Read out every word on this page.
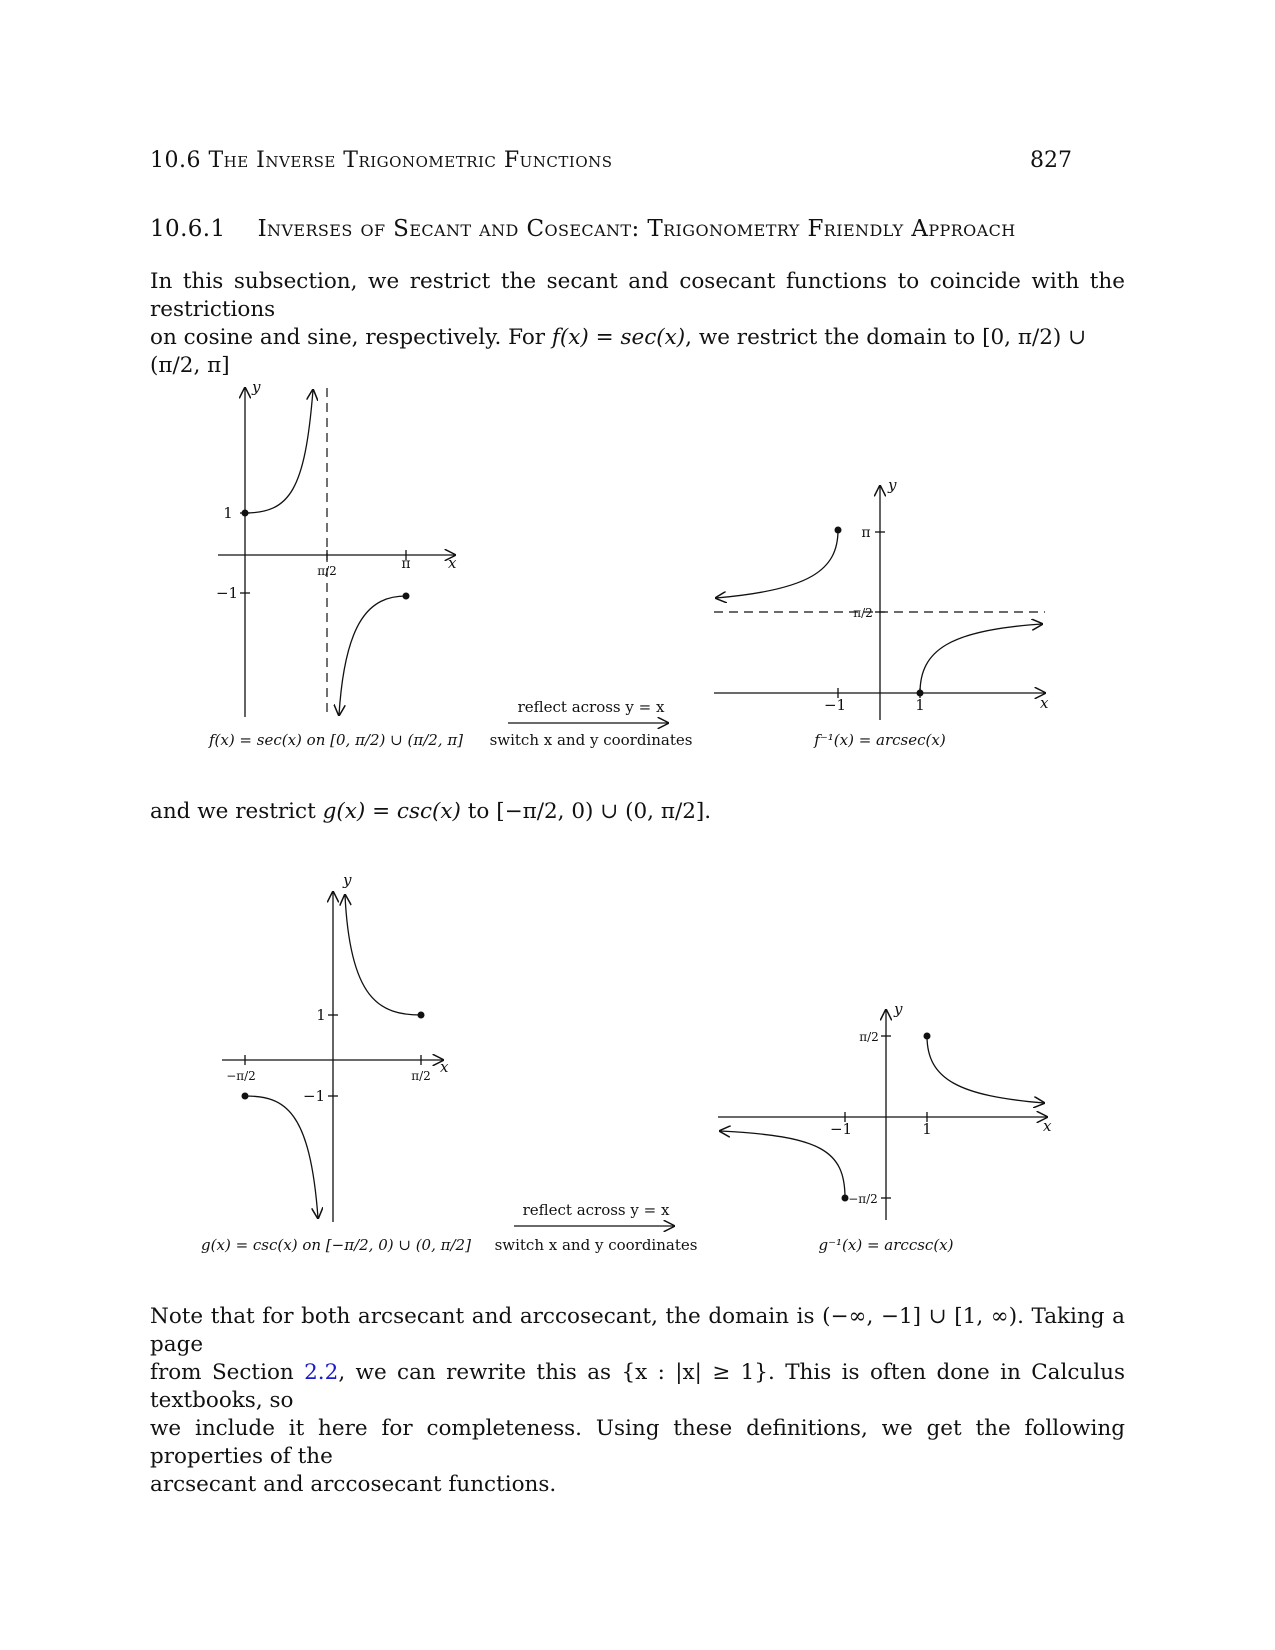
10.6 The Inverse Trigonometric Functions	827
10.6.1 Inverses of Secant and Cosecant: Trigonometry Friendly Approach
In this subsection, we restrict the secant and cosecant functions to coincide with the restrictions
on cosine and sine, respectively. For f(x) = sec(x), we restrict the domain to [0, π/2) ∪ (π/2, π]
y
x
1
−1
π/2	π
f(x) = sec(x) on [0, π/2) ∪ (π/2, π]
reflect across y = x
switch x and y coordinates
y
x
π
π/2
−1	1
f⁻¹(x) = arcsec(x)
y
x
1
−1
−π/2	π/2
g(x) = csc(x) on [−π/2, 0) ∪ (0, π/2]
reflect across y = x
switch x and y coordinates
y
x
π/2
−π/2
−1	1
g⁻¹(x) = arccsc(x)
and we restrict g(x) = csc(x) to [−π/2, 0) ∪ (0, π/2].
Note that for both arcsecant and arccosecant, the domain is (−∞, −1] ∪ [1, ∞). Taking a page
from Section 2.2, we can rewrite this as {x : |x| ≥ 1}. This is often done in Calculus textbooks, so
we include it here for completeness. Using these definitions, we get the following properties of the
arcsecant and arccosecant functions.
